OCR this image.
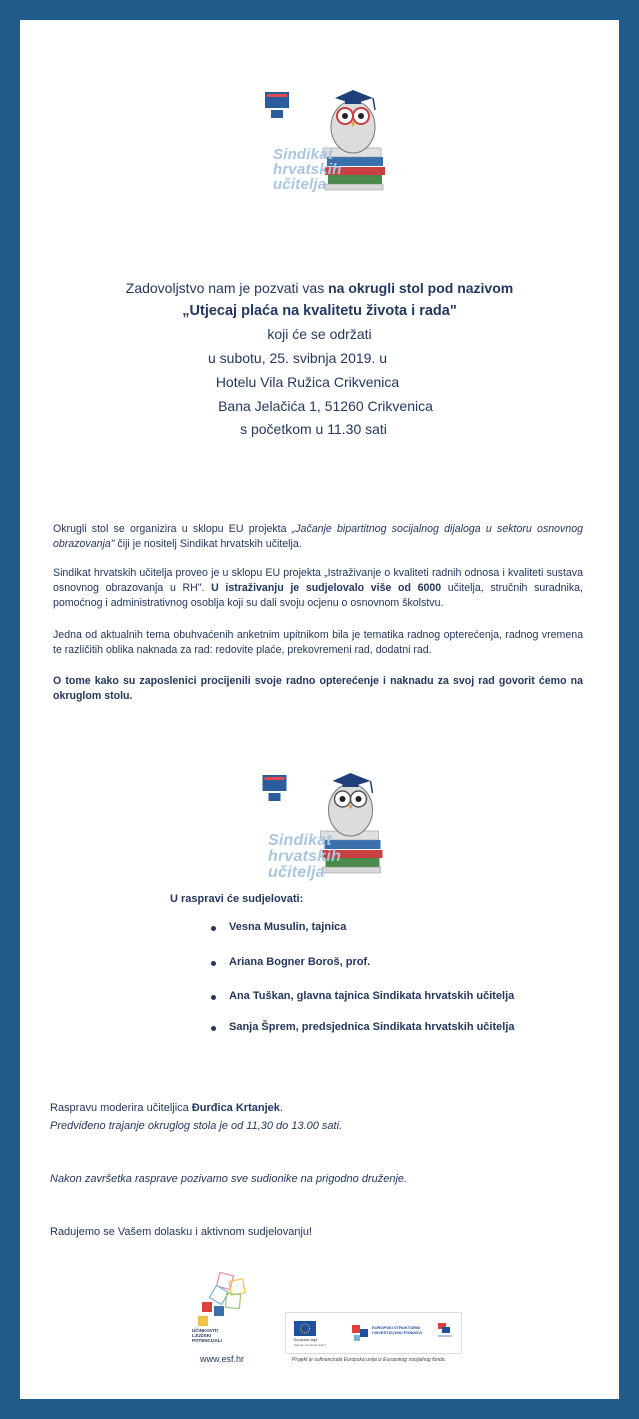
Sindikat
hrvatskih
učitelja
Zadovoljstvo nam je pozvati vas na okrugli stol pod nazivom
„Utjecaj plaća na kvalitetu života i rada"
koji će se održati
u subotu, 25. svibnja 2019. u
Hotelu Vila Ružica Crikvenica
Bana Jelačića 1, 51260 Crikvenica
s početkom u 11.30 sati
Okrugli stol se organizira u sklopu EU projekta „Jačanje bipartitnog socijalnog dijaloga u sektoru osnovnog obrazovanja" čiji je nositelj Sindikat hrvatskih učitelja.
Sindikat hrvatskih učitelja proveo je u sklopu EU projekta „Istraživanje o kvaliteti radnih odnosa i kvaliteti sustava osnovnog obrazovanja u RH". U istraživanju je sudjelovalo više od 6000 učitelja, stručnih suradnika, pomoćnog i administrativnog osoblja koji su dali svoju ocjenu o osnovnom školstvu.
Jedna od aktualnih tema obuhvaćenih anketnim upitnikom bila je tematika radnog opterećenja, radnog vremena te različitih oblika naknada za rad: redovite plaće, prekovremeni rad, dodatni rad.
O tome kako su zaposlenici procijenili svoje radno opterećenje i naknadu za svoj rad govorit ćemo na okruglom stolu.
Sindikat
hrvatskih
učitelja
U raspravi će sudjelovati:
Vesna Musulin, tajnica
Ariana Bogner Boroš, prof.
Ana Tuškan, glavna tajnica Sindikata hrvatskih učitelja
Sanja Šprem, predsjednica Sindikata hrvatskih učitelja
Raspravu moderira učiteljica Đurđica Krtanjek.
Predviđeno trajanje okruglog stola je od 11,30 do 13.00 sati.
Nakon završetka rasprave pozivamo sve sudionike na prigodno druženje.
Radujemo se Vašem dolasku i aktivnom sudjelovanju!
UČINKOVITI
LJUDSKI
POTENCIJALI
www.esf.hr
Europska unija
Zajedno do fondova EU
EUROPSKI STRUKTURNI
I INVESTICIJSKI FONDOVI
Projekt je sufinancirala Europska unija iz Europskog socijalnog fonda.
